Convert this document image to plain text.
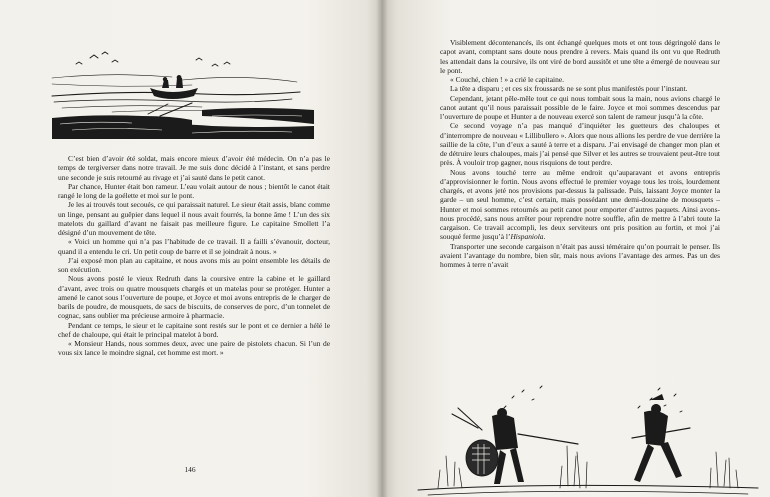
C’est bien d’avoir été soldat, mais encore mieux d’avoir été médecin. On n’a pas le temps de tergiverser dans notre travail. Je me suis donc décidé à l’instant, et sans perdre une seconde je suis retourné au rivage et j’ai sauté dans le petit canot.

Par chance, Hunter était bon rameur. L’eau volait autour de nous ; bientôt le canot était rangé le long de la goélette et moi sur le pont.

Je les ai trouvés tout secoués, ce qui paraissait naturel. Le sieur était assis, blanc comme un linge, pensant au guêpier dans lequel il nous avait fourrés, la bonne âme ! L’un des six matelots du gaillard d’avant ne faisait pas meilleure figure. Le capitaine Smollett l’a désigné d’un mouvement de tête.

« Voici un homme qui n’a pas l’habitude de ce travail. Il a failli s’évanouir, docteur, quand il a entendu le cri. Un petit coup de barre et il se joindrait à nous. »

J’ai exposé mon plan au capitaine, et nous avons mis au point ensemble les détails de son exécution.

Nous avons posté le vieux Redruth dans la coursive entre la cabine et le gaillard d’avant, avec trois ou quatre mousquets chargés et un matelas pour se protéger. Hunter a amené le canot sous l’ouverture de poupe, et Joyce et moi avons entrepris de le charger de barils de poudre, de mousquets, de sacs de biscuits, de conserves de porc, d’un tonnelet de cognac, sans oublier ma précieuse armoire à pharmacie.

Pendant ce temps, le sieur et le capitaine sont restés sur le pont et ce dernier a hélé le chef de chaloupe, qui était le principal matelot à bord.

« Monsieur Hands, nous sommes deux, avec une paire de pistolets chacun. Si l’un de vous six lance le moindre signal, cet homme est mort. »

146

Visiblement décontenancés, ils ont échangé quelques mots et ont tous dégringolé dans le capot avant, comptant sans doute nous prendre à revers. Mais quand ils ont vu que Redruth les attendait dans la coursive, ils ont viré de bord aussitôt et une tête a émergé de nouveau sur le pont.

« Couché, chien ! » a crié le capitaine.

La tête a disparu ; et ces six froussards ne se sont plus manifestés pour l’instant.

Cependant, jetant pêle-mêle tout ce qui nous tombait sous la main, nous avions chargé le canot autant qu’il nous paraissait possible de le faire. Joyce et moi sommes descendus par l’ouverture de poupe et Hunter a de nouveau exercé son talent de rameur jusqu’à la côte.

Ce second voyage n’a pas manqué d’inquiéter les guetteurs des chaloupes et d’interrompre de nouveau « Lillibullero ». Alors que nous allions les perdre de vue derrière la saillie de la côte, l’un d’eux a sauté à terre et a disparu. J’ai envisagé de changer mon plan et de détruire leurs chaloupes, mais j’ai pensé que Silver et les autres se trouvaient peut-être tout près. À vouloir trop gagner, nous risquions de tout perdre.

Nous avons touché terre au même endroit qu’auparavant et avons entrepris d’approvisionner le fortin. Nous avons effectué le premier voyage tous les trois, lourdement chargés, et avons jeté nos provisions par-dessus la palissade. Puis, laissant Joyce monter la garde – un seul homme, c’est certain, mais possédant une demi-douzaine de mousquets – Hunter et moi sommes retournés au petit canot pour emporter d’autres paquets. Ainsi avons-nous procédé, sans nous arrêter pour reprendre notre souffle, afin de mettre à l’abri toute la cargaison. Ce travail accompli, les deux serviteurs ont pris position au fortin, et moi j’ai souqué ferme jusqu’à l’Hispaniola.

Transporter une seconde cargaison n’était pas aussi téméraire qu’on pourrait le penser. Ils avaient l’avantage du nombre, bien sûr, mais nous avions l’avantage des armes. Pas un des hommes à terre n’avait
